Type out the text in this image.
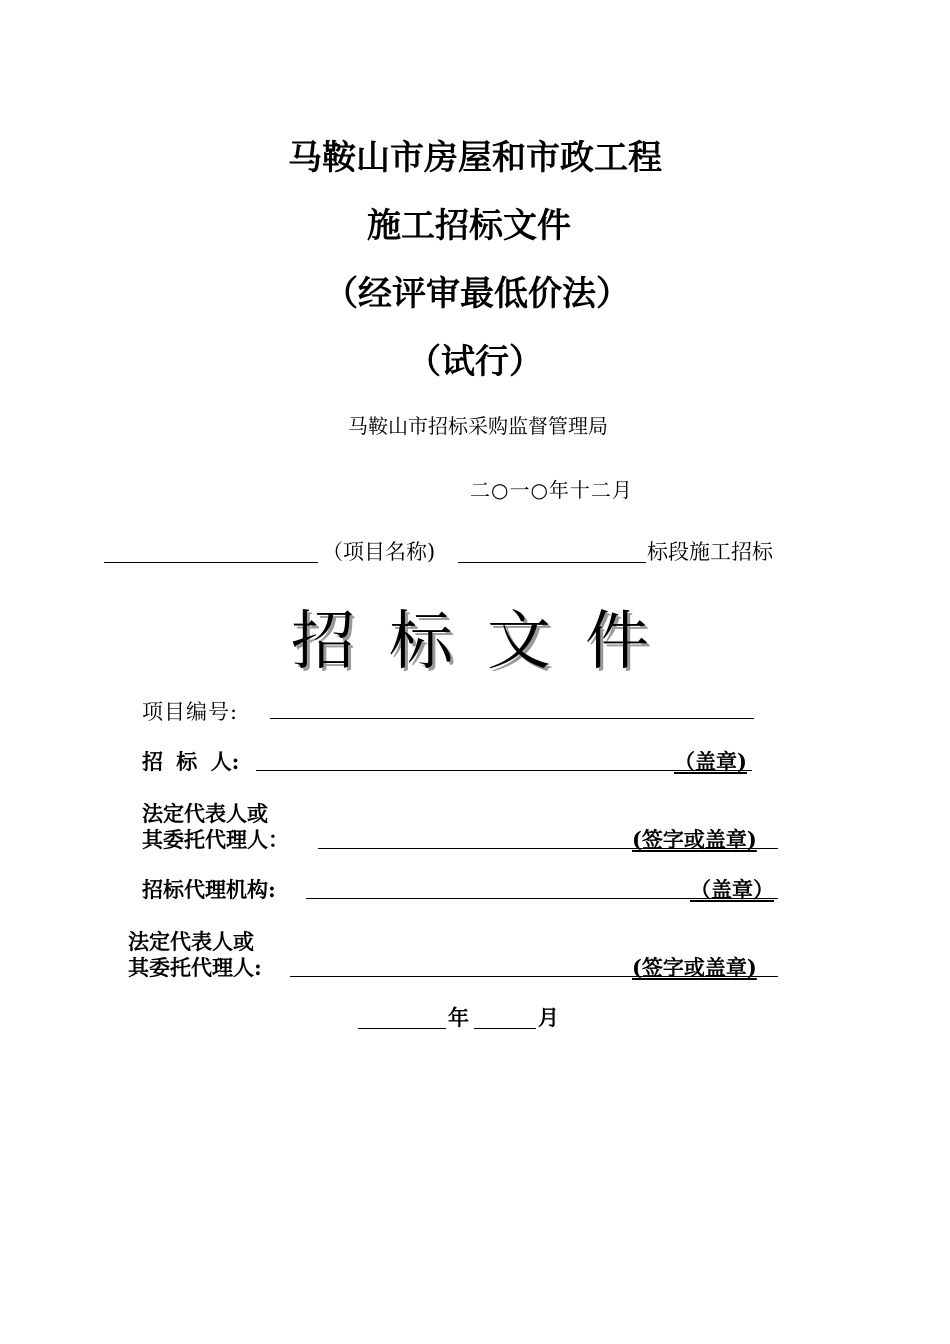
马鞍山市房屋和市政工程
施工招标文件
（经评审最低价法）
（试行）
马鞍山市招标采购监督管理局
二○一○年十二月
（项目名称)	标段施工招标
招标文件
项目编号:
招 标 人:	（盖章)
法定代表人或
其委托代理人：	(签字或盖章)
招标代理机构:	（盖章）
法定代表人或
其委托代理人:	(签字或盖章)
年	月
